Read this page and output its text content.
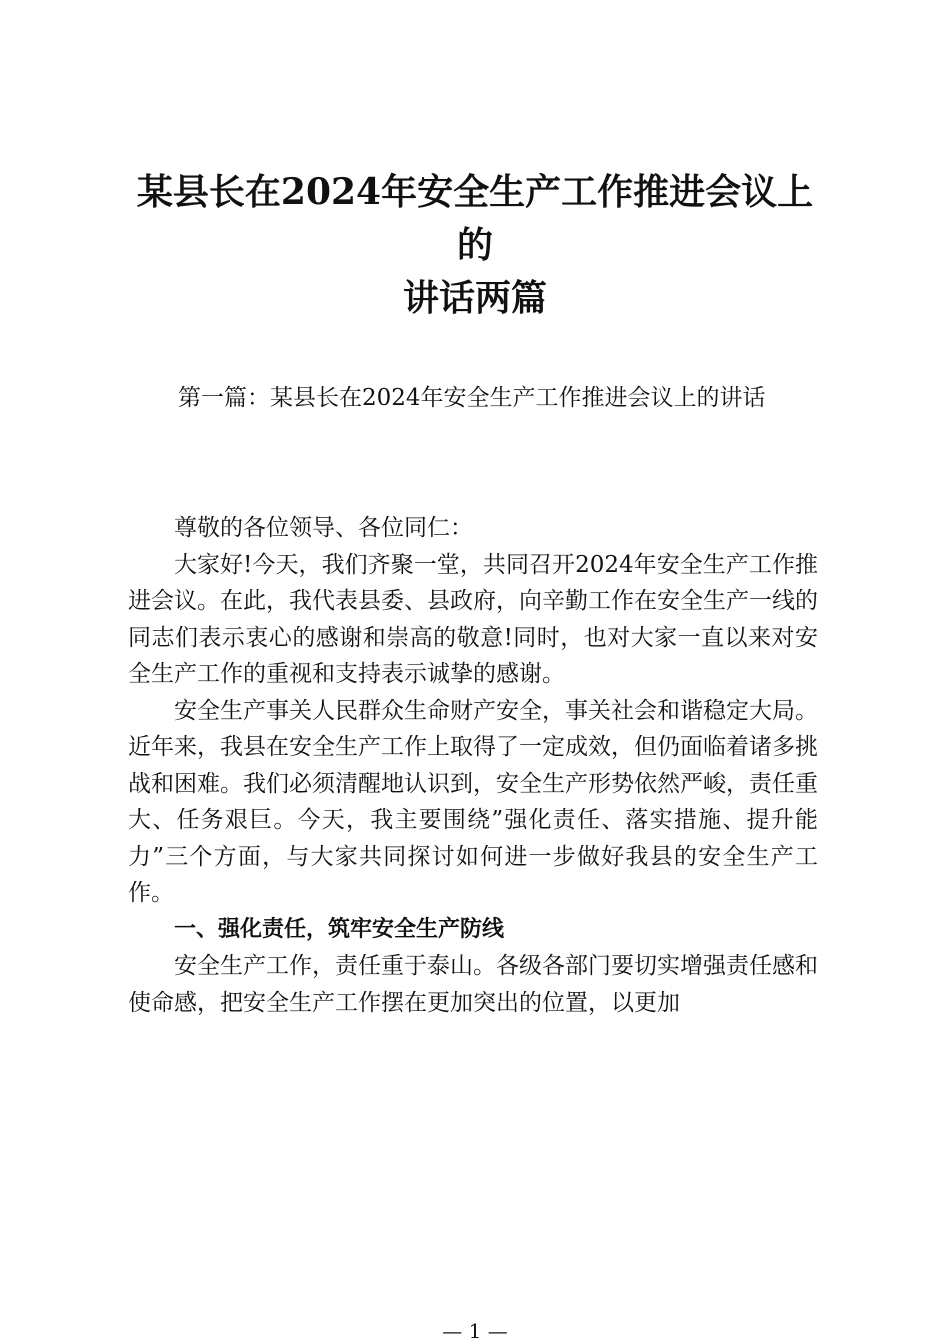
某县长在2024年安全生产工作推进会议上的
讲话两篇

第一篇：某县长在2024年安全生产工作推进会议上的讲话

尊敬的各位领导、各位同仁：

大家好!今天，我们齐聚一堂，共同召开2024年安全生产工作推进会议。在此，我代表县委、县政府，向辛勤工作在安全生产一线的同志们表示衷心的感谢和崇高的敬意!同时，也对大家一直以来对安全生产工作的重视和支持表示诚挚的感谢。

安全生产事关人民群众生命财产安全，事关社会和谐稳定大局。近年来，我县在安全生产工作上取得了一定成效，但仍面临着诸多挑战和困难。我们必须清醒地认识到，安全生产形势依然严峻，责任重大、任务艰巨。今天，我主要围绕”强化责任、落实措施、提升能力”三个方面，与大家共同探讨如何进一步做好我县的安全生产工作。

一、强化责任，筑牢安全生产防线

安全生产工作，责任重于泰山。各级各部门要切实增强责任感和使命感，把安全生产工作摆在更加突出的位置，以更加

— 1 —
